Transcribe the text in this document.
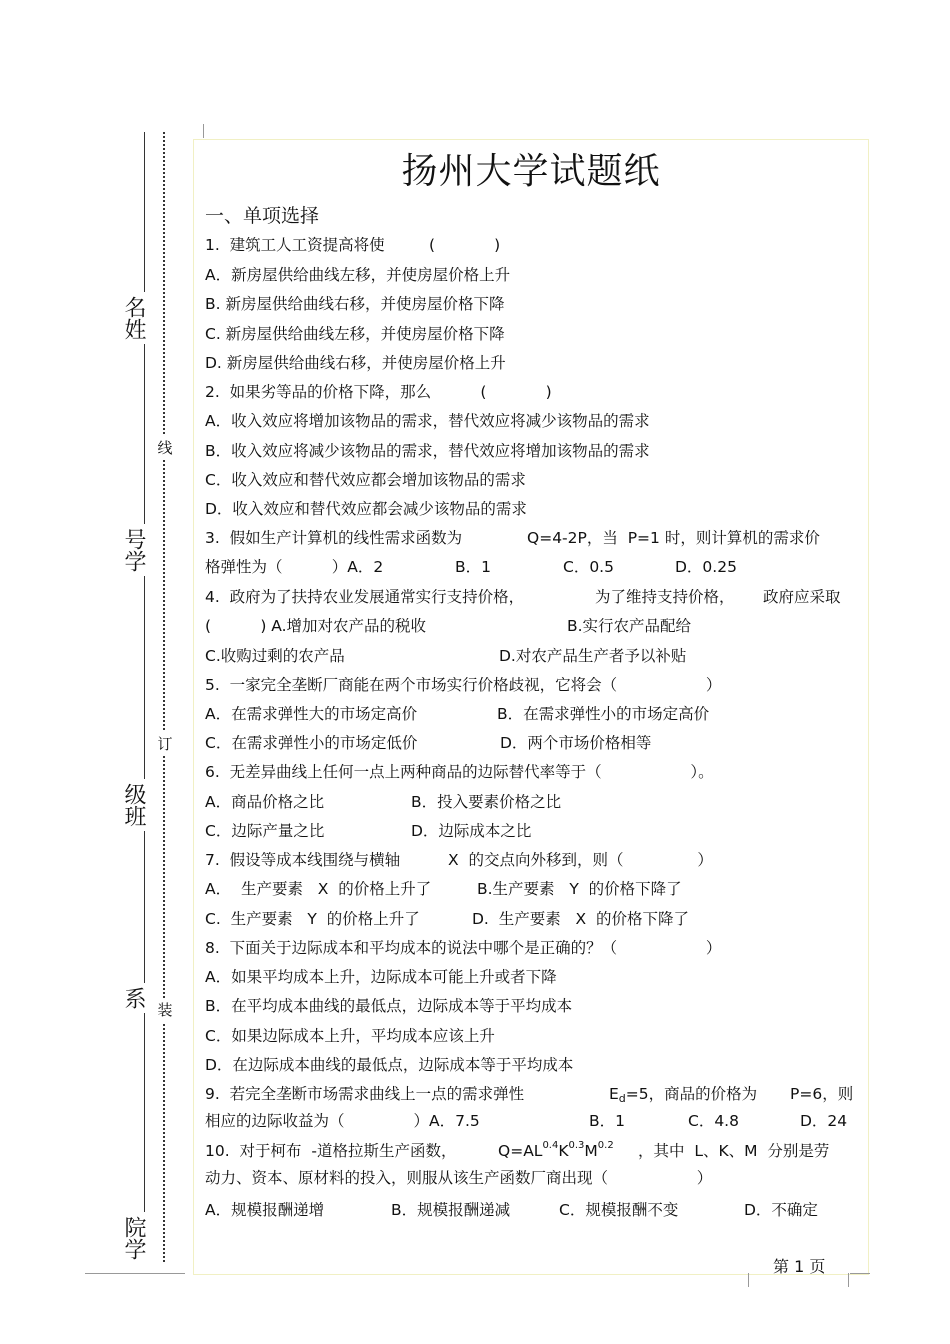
名姓
号学
级班
系
院学
线
订
装
扬州大学试题纸
一、单项选择
1.  建筑工人工资提高将使         (            )
A．新房屋供给曲线左移，并使房屋价格上升
B. 新房屋供给曲线右移，并使房屋价格下降
C. 新房屋供给曲线左移，并使房屋价格下降
D. 新房屋供给曲线右移，并使房屋价格上升
2.  如果劣等品的价格下降，那么          (            )
A．收入效应将增加该物品的需求，替代效应将减少该物品的需求
B．收入效应将减少该物品的需求，替代效应将增加该物品的需求
C．收入效应和替代效应都会增加该物品的需求
D．收入效应和替代效应都会减少该物品的需求

3.  假如生产计算机的线性需求函数为

	Q=4-2P，当  P=1 时，则计算机的需求价

格弹性为（          ）A．2

	B．1

	C．0.5

	D．0.25

4.  政府为了扶持农业发展通常实行支持价格，

	为了维持支持价格，

政府应采取

(          ) A.增加对农产品的税收

	B.实行农产品配给

C.收购过剩的农产品

	D.对农产品生产者予以补贴

5.  一家完全垄断厂商能在两个市场实行价格歧视，它将会（                  ）

A．在需求弹性大的市场定高价

	B．在需求弹性小的市场定高价

C．在需求弹性小的市场定低价

	D．两个市场价格相等

6.  无差异曲线上任何一点上两种商品的边际替代率等于（                  ）。

A．商品价格之比

	B．投入要素价格之比

C．边际产量之比

	D．边际成本之比

7.  假设等成本线围绕与横轴

	X  的交点向外移到，则（               ）

A．  生产要素   X  的价格上升了

	B.生产要素   Y  的价格下降了

C.  生产要素   Y  的价格上升了

	D.  生产要素   X  的价格下降了

8.  下面关于边际成本和平均成本的说法中哪个是正确的？（                  ）
A．如果平均成本上升，边际成本可能上升或者下降
B．在平均成本曲线的最低点，边际成本等于平均成本
C．如果边际成本上升，平均成本应该上升
D．在边际成本曲线的最低点，边际成本等于平均成本

9.  若完全垄断市场需求曲线上一点的需求弹性

	Ed=5，商品的价格为

P=6，则

相应的边际收益为（              ）A．7.5

	B．1

	C．4.8

	D．24

10.  对于柯布  -道格拉斯生产函数，

	$Q=AL^{0.4}K^{0.3}M^{0.2}$

，其中  L、K、M  分别是劳

动力、资本、原材料的投入，则服从该生产函数厂商出现（                  ）

A．规模报酬递增

	B．规模报酬递减

	C．规模报酬不变

	D．不确定

第 1 页
